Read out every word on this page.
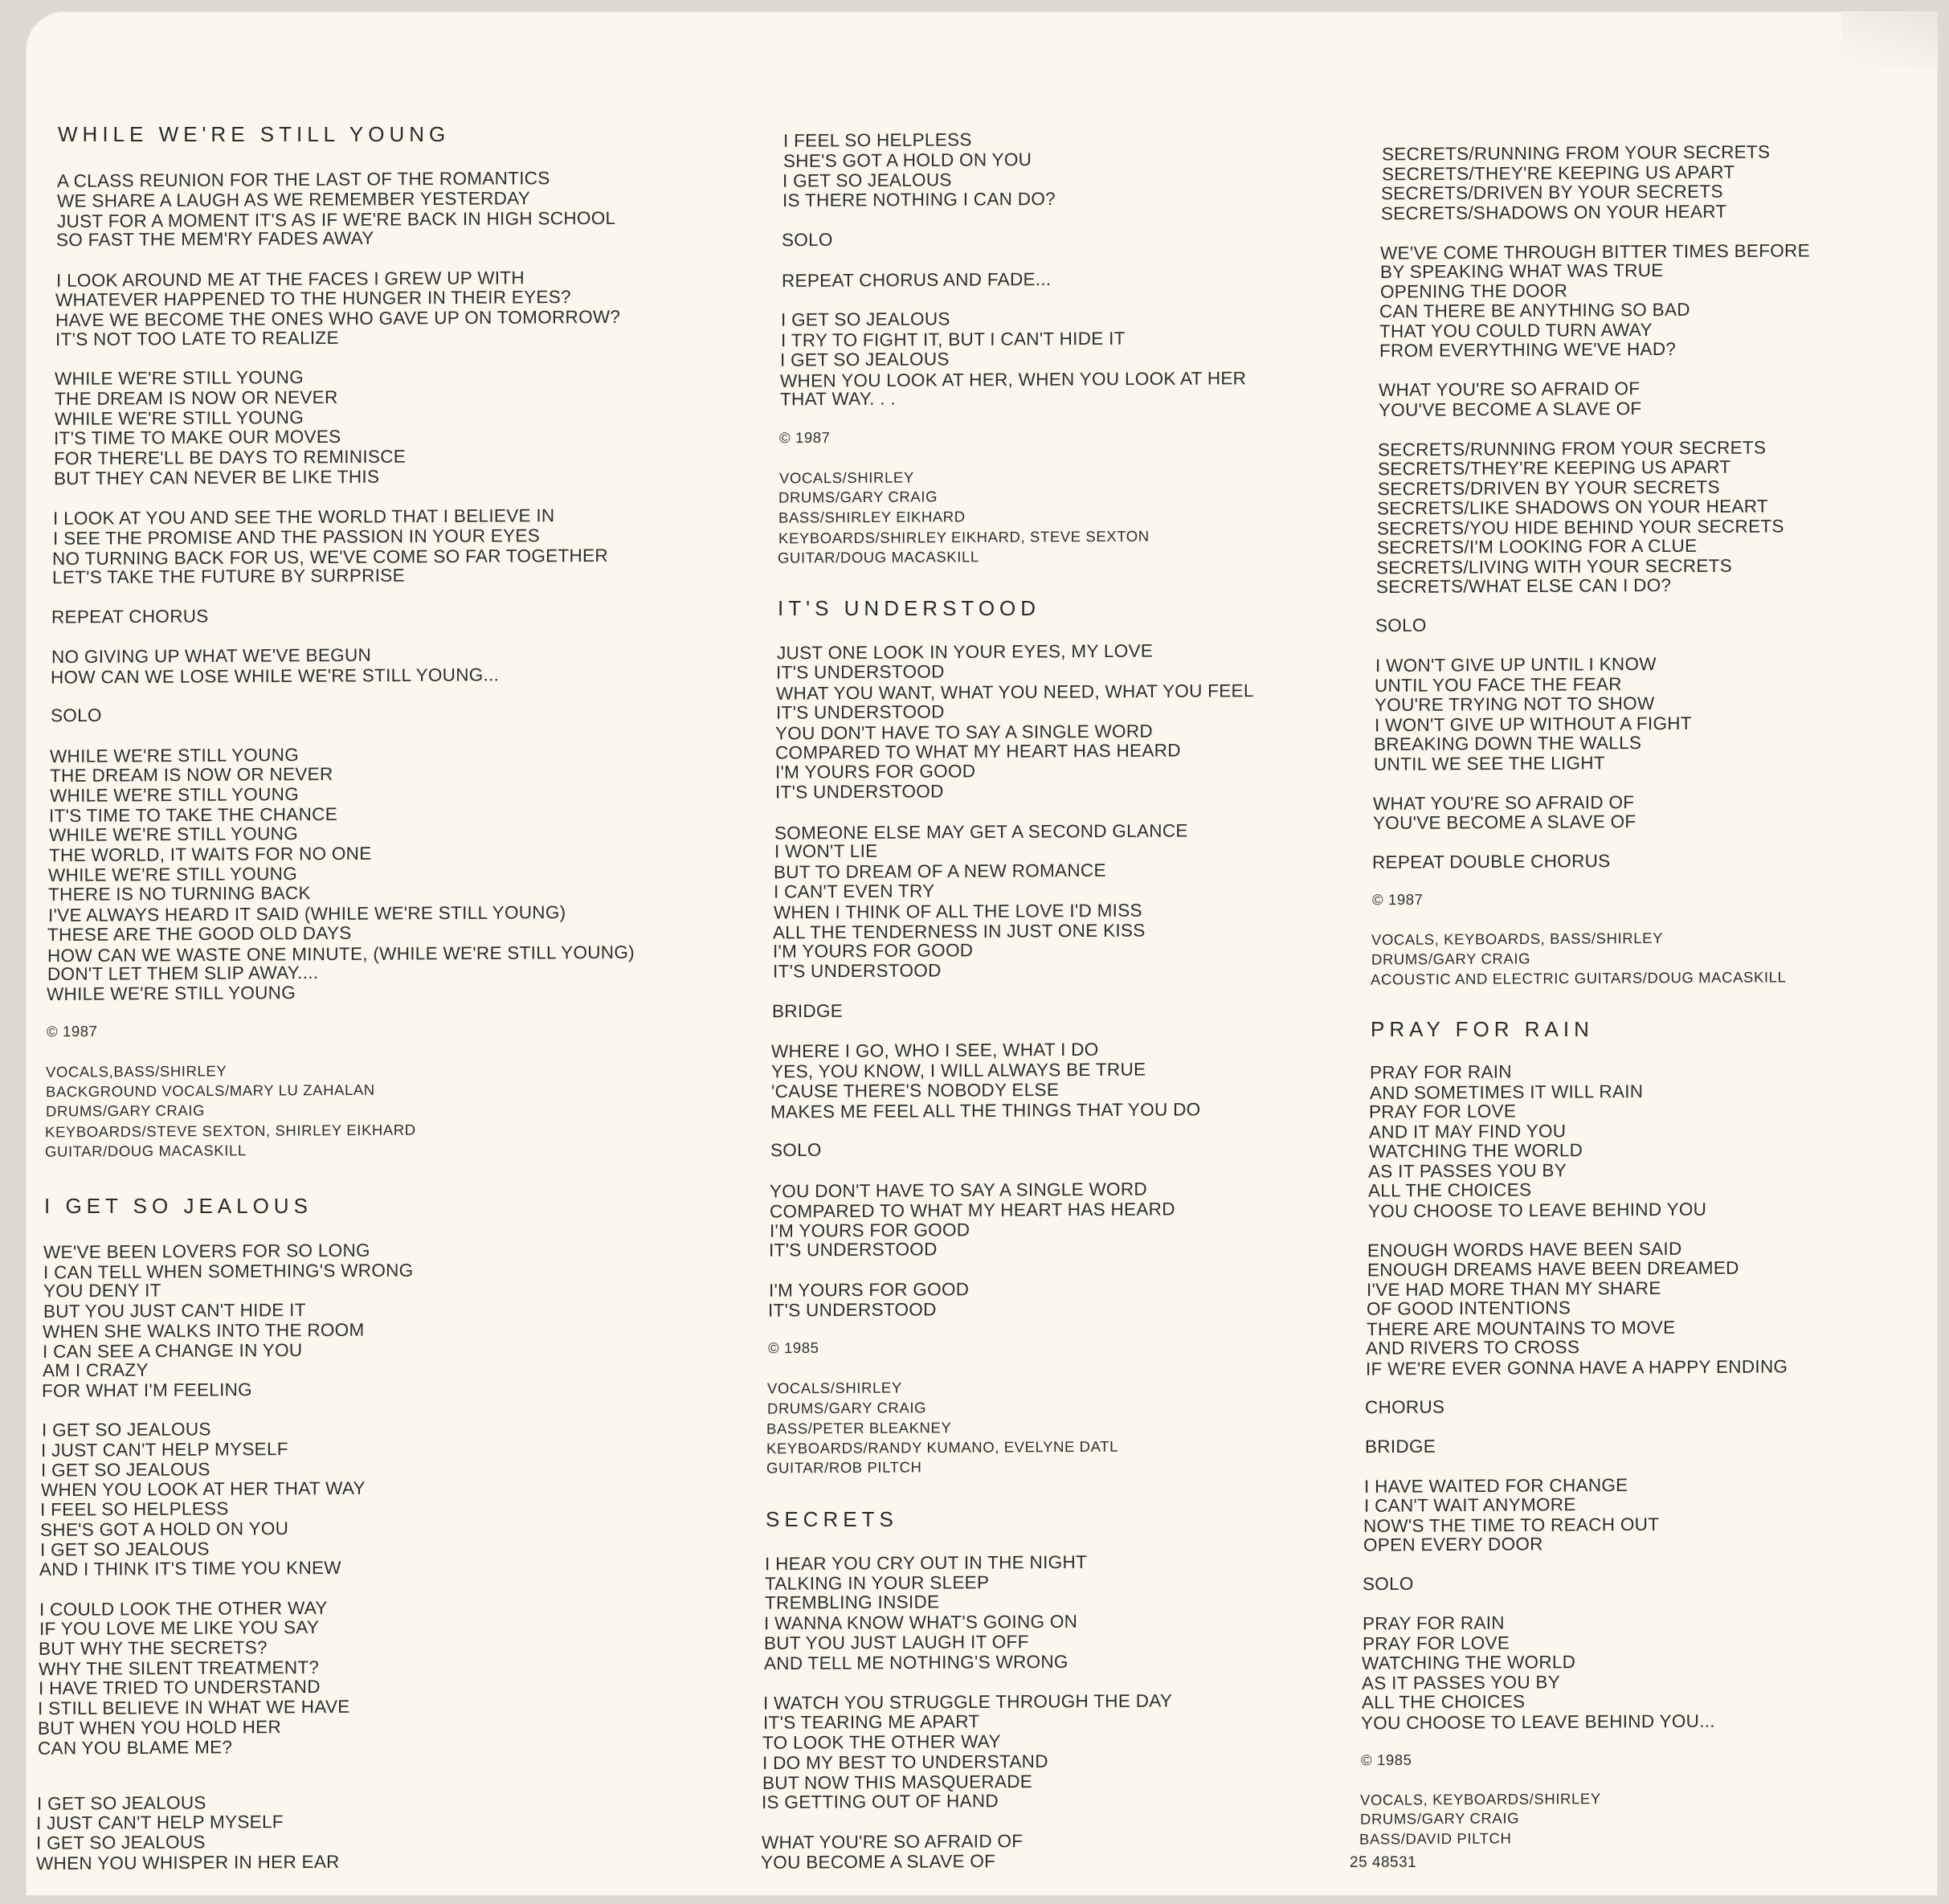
WHILE WE'RE STILL YOUNG
A CLASS REUNION FOR THE LAST OF THE ROMANTICS
WE SHARE A LAUGH AS WE REMEMBER YESTERDAY
JUST FOR A MOMENT IT'S AS IF WE'RE BACK IN HIGH SCHOOL
SO FAST THE MEM'RY FADES AWAY
I LOOK AROUND ME AT THE FACES I GREW UP WITH
WHATEVER HAPPENED TO THE HUNGER IN THEIR EYES?
HAVE WE BECOME THE ONES WHO GAVE UP ON TOMORROW?
IT'S NOT TOO LATE TO REALIZE
WHILE WE'RE STILL YOUNG
THE DREAM IS NOW OR NEVER
WHILE WE'RE STILL YOUNG
IT'S TIME TO MAKE OUR MOVES
FOR THERE'LL BE DAYS TO REMINISCE
BUT THEY CAN NEVER BE LIKE THIS
I LOOK AT YOU AND SEE THE WORLD THAT I BELIEVE IN
I SEE THE PROMISE AND THE PASSION IN YOUR EYES
NO TURNING BACK FOR US, WE'VE COME SO FAR TOGETHER
LET'S TAKE THE FUTURE BY SURPRISE
REPEAT CHORUS
NO GIVING UP WHAT WE'VE BEGUN
HOW CAN WE LOSE WHILE WE'RE STILL YOUNG...
SOLO
WHILE WE'RE STILL YOUNG
THE DREAM IS NOW OR NEVER
WHILE WE'RE STILL YOUNG
IT'S TIME TO TAKE THE CHANCE
WHILE WE'RE STILL YOUNG
THE WORLD, IT WAITS FOR NO ONE
WHILE WE'RE STILL YOUNG
THERE IS NO TURNING BACK
I'VE ALWAYS HEARD IT SAID (WHILE WE'RE STILL YOUNG)
THESE ARE THE GOOD OLD DAYS
HOW CAN WE WASTE ONE MINUTE, (WHILE WE'RE STILL YOUNG)
DON'T LET THEM SLIP AWAY....
WHILE WE'RE STILL YOUNG
© 1987
VOCALS,BASS/SHIRLEY
BACKGROUND VOCALS/MARY LU ZAHALAN
DRUMS/GARY CRAIG
KEYBOARDS/STEVE SEXTON, SHIRLEY EIKHARD
GUITAR/DOUG MACASKILL
I GET SO JEALOUS
WE'VE BEEN LOVERS FOR SO LONG
I CAN TELL WHEN SOMETHING'S WRONG
YOU DENY IT
BUT YOU JUST CAN'T HIDE IT
WHEN SHE WALKS INTO THE ROOM
I CAN SEE A CHANGE IN YOU
AM I CRAZY
FOR WHAT I'M FEELING
I GET SO JEALOUS
I JUST CAN'T HELP MYSELF
I GET SO JEALOUS
WHEN YOU LOOK AT HER THAT WAY
I FEEL SO HELPLESS
SHE'S GOT A HOLD ON YOU
I GET SO JEALOUS
AND I THINK IT'S TIME YOU KNEW
I COULD LOOK THE OTHER WAY
IF YOU LOVE ME LIKE YOU SAY
BUT WHY THE SECRETS?
WHY THE SILENT TREATMENT?
I HAVE TRIED TO UNDERSTAND
I STILL BELIEVE IN WHAT WE HAVE
BUT WHEN YOU HOLD HER
CAN YOU BLAME ME?
I GET SO JEALOUS
I JUST CAN'T HELP MYSELF
I GET SO JEALOUS
WHEN YOU WHISPER IN HER EAR
I FEEL SO HELPLESS
SHE'S GOT A HOLD ON YOU
I GET SO JEALOUS
IS THERE NOTHING I CAN DO?
SOLO
REPEAT CHORUS AND FADE...
I GET SO JEALOUS
I TRY TO FIGHT IT, BUT I CAN'T HIDE IT
I GET SO JEALOUS
WHEN YOU LOOK AT HER, WHEN YOU LOOK AT HER
THAT WAY. . .
© 1987
VOCALS/SHIRLEY
DRUMS/GARY CRAIG
BASS/SHIRLEY EIKHARD
KEYBOARDS/SHIRLEY EIKHARD, STEVE SEXTON
GUITAR/DOUG MACASKILL
IT'S UNDERSTOOD
JUST ONE LOOK IN YOUR EYES, MY LOVE
IT'S UNDERSTOOD
WHAT YOU WANT, WHAT YOU NEED, WHAT YOU FEEL
IT'S UNDERSTOOD
YOU DON'T HAVE TO SAY A SINGLE WORD
COMPARED TO WHAT MY HEART HAS HEARD
I'M YOURS FOR GOOD
IT'S UNDERSTOOD
SOMEONE ELSE MAY GET A SECOND GLANCE
I WON'T LIE
BUT TO DREAM OF A NEW ROMANCE
I CAN'T EVEN TRY
WHEN I THINK OF ALL THE LOVE I'D MISS
ALL THE TENDERNESS IN JUST ONE KISS
I'M YOURS FOR GOOD
IT'S UNDERSTOOD
BRIDGE
WHERE I GO, WHO I SEE, WHAT I DO
YES, YOU KNOW, I WILL ALWAYS BE TRUE
'CAUSE THERE'S NOBODY ELSE
MAKES ME FEEL ALL THE THINGS THAT YOU DO
SOLO
YOU DON'T HAVE TO SAY A SINGLE WORD
COMPARED TO WHAT MY HEART HAS HEARD
I'M YOURS FOR GOOD
IT'S UNDERSTOOD
I'M YOURS FOR GOOD
IT'S UNDERSTOOD
© 1985
VOCALS/SHIRLEY
DRUMS/GARY CRAIG
BASS/PETER BLEAKNEY
KEYBOARDS/RANDY KUMANO, EVELYNE DATL
GUITAR/ROB PILTCH
SECRETS
I HEAR YOU CRY OUT IN THE NIGHT
TALKING IN YOUR SLEEP
TREMBLING INSIDE
I WANNA KNOW WHAT'S GOING ON
BUT YOU JUST LAUGH IT OFF
AND TELL ME NOTHING'S WRONG
I WATCH YOU STRUGGLE THROUGH THE DAY
IT'S TEARING ME APART
TO LOOK THE OTHER WAY
I DO MY BEST TO UNDERSTAND
BUT NOW THIS MASQUERADE
IS GETTING OUT OF HAND
WHAT YOU'RE SO AFRAID OF
YOU BECOME A SLAVE OF
SECRETS/RUNNING FROM YOUR SECRETS
SECRETS/THEY'RE KEEPING US APART
SECRETS/DRIVEN BY YOUR SECRETS
SECRETS/SHADOWS ON YOUR HEART
WE'VE COME THROUGH BITTER TIMES BEFORE
BY SPEAKING WHAT WAS TRUE
OPENING THE DOOR
CAN THERE BE ANYTHING SO BAD
THAT YOU COULD TURN AWAY
FROM EVERYTHING WE'VE HAD?
WHAT YOU'RE SO AFRAID OF
YOU'VE BECOME A SLAVE OF
SECRETS/RUNNING FROM YOUR SECRETS
SECRETS/THEY'RE KEEPING US APART
SECRETS/DRIVEN BY YOUR SECRETS
SECRETS/LIKE SHADOWS ON YOUR HEART
SECRETS/YOU HIDE BEHIND YOUR SECRETS
SECRETS/I'M LOOKING FOR A CLUE
SECRETS/LIVING WITH YOUR SECRETS
SECRETS/WHAT ELSE CAN I DO?
SOLO
I WON'T GIVE UP UNTIL I KNOW
UNTIL YOU FACE THE FEAR
YOU'RE TRYING NOT TO SHOW
I WON'T GIVE UP WITHOUT A FIGHT
BREAKING DOWN THE WALLS
UNTIL WE SEE THE LIGHT
WHAT YOU'RE SO AFRAID OF
YOU'VE BECOME A SLAVE OF
REPEAT DOUBLE CHORUS
© 1987
VOCALS, KEYBOARDS, BASS/SHIRLEY
DRUMS/GARY CRAIG
ACOUSTIC AND ELECTRIC GUITARS/DOUG MACASKILL
PRAY FOR RAIN
PRAY FOR RAIN
AND SOMETIMES IT WILL RAIN
PRAY FOR LOVE
AND IT MAY FIND YOU
WATCHING THE WORLD
AS IT PASSES YOU BY
ALL THE CHOICES
YOU CHOOSE TO LEAVE BEHIND YOU
ENOUGH WORDS HAVE BEEN SAID
ENOUGH DREAMS HAVE BEEN DREAMED
I'VE HAD MORE THAN MY SHARE
OF GOOD INTENTIONS
THERE ARE MOUNTAINS TO MOVE
AND RIVERS TO CROSS
IF WE'RE EVER GONNA HAVE A HAPPY ENDING
CHORUS
BRIDGE
I HAVE WAITED FOR CHANGE
I CAN'T WAIT ANYMORE
NOW'S THE TIME TO REACH OUT
OPEN EVERY DOOR
SOLO
PRAY FOR RAIN
PRAY FOR LOVE
WATCHING THE WORLD
AS IT PASSES YOU BY
ALL THE CHOICES
YOU CHOOSE TO LEAVE BEHIND YOU...
© 1985
VOCALS, KEYBOARDS/SHIRLEY
DRUMS/GARY CRAIG
BASS/DAVID PILTCH
25 48531
